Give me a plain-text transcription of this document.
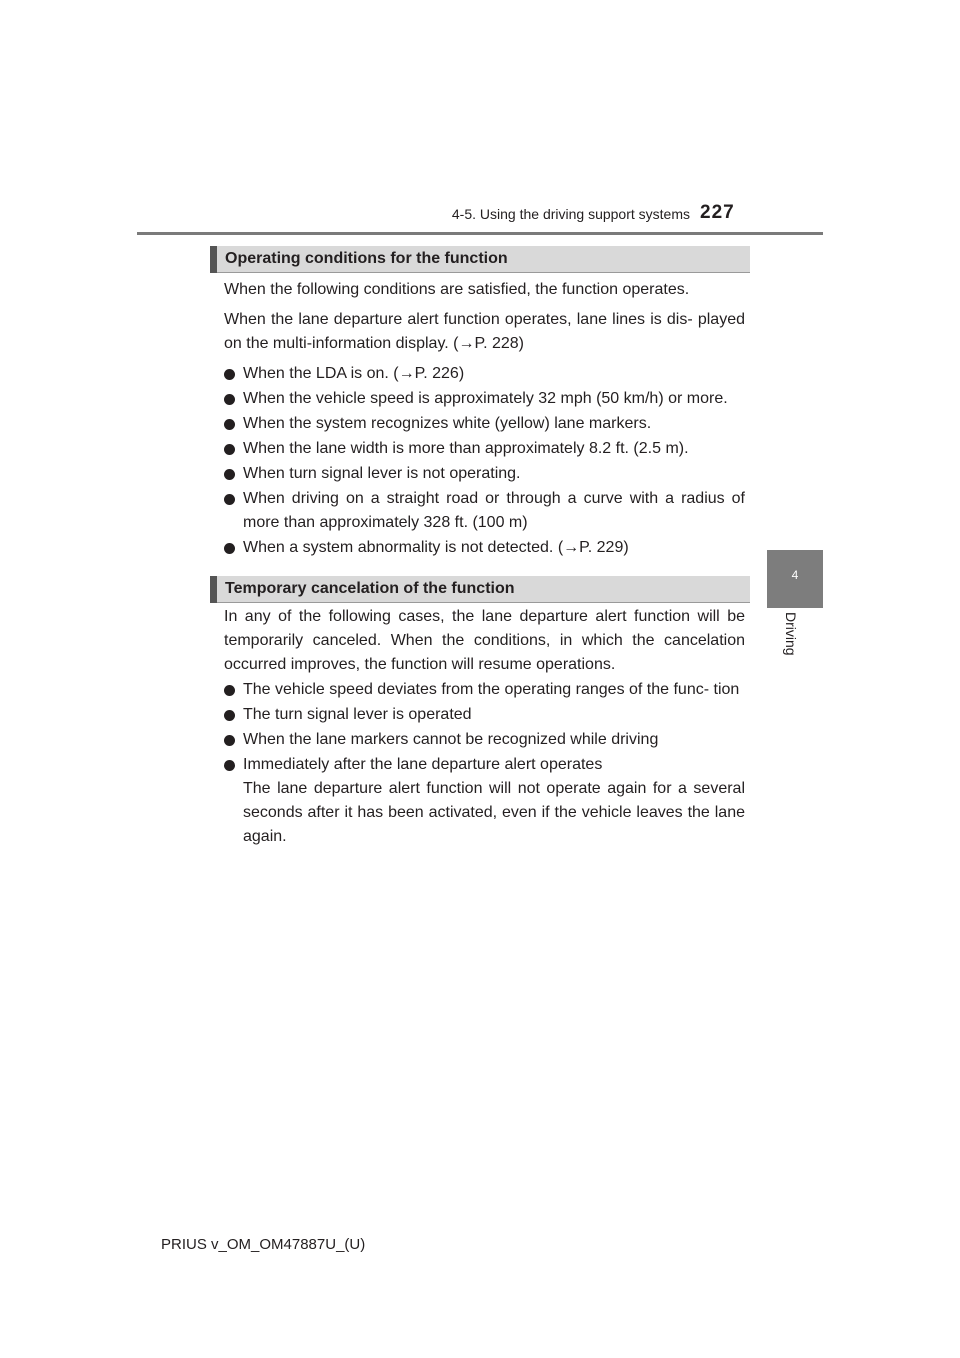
4-5. Using the driving support systems 227
4
Driving
Operating conditions for the function

When the following conditions are satisfied, the function operates.

When the lane departure alert function operates, lane lines is dis- played on the multi-information display. (→P. 228)

When the LDA is on. (→P. 226)
When the vehicle speed is approximately 32 mph (50 km/h) or more.
When the system recognizes white (yellow) lane markers.
When the lane width is more than approximately 8.2 ft. (2.5 m).
When turn signal lever is not operating.
When driving on a straight road or through a curve with a radius of more than approximately 328 ft. (100 m)
When a system abnormality is not detected. (→P. 229)
Temporary cancelation of the function

In any of the following cases, the lane departure alert function will be temporarily canceled. When the conditions, in which the cancelation occurred improves, the function will resume operations.

The vehicle speed deviates from the operating ranges of the func- tion
The turn signal lever is operated
When the lane markers cannot be recognized while driving
Immediately after the lane departure alert operates
The lane departure alert function will not operate again for a several seconds after it has been activated, even if the vehicle leaves the lane again.
PRIUS v_OM_OM47887U_(U)
